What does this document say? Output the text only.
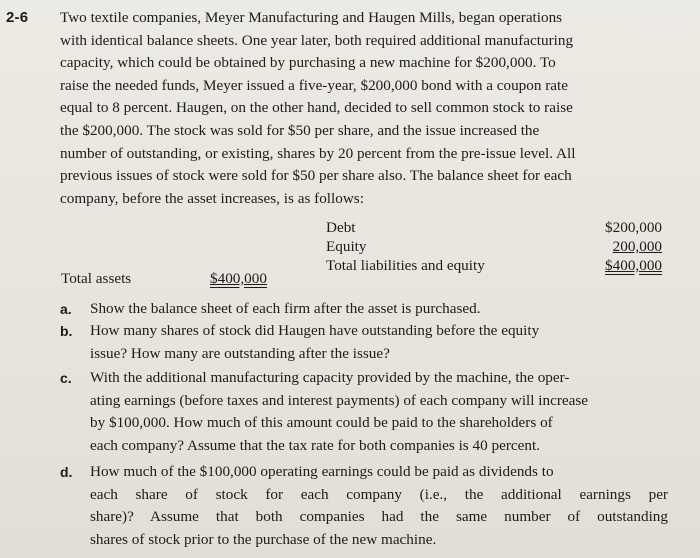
2-6 Two textile companies, Meyer Manufacturing and Haugen Mills, began operations
with identical balance sheets. One year later, both required additional manufacturing
capacity, which could be obtained by purchasing a new machine for $200,000. To
raise the needed funds, Meyer issued a five-year, $200,000 bond with a coupon rate
equal to 8 percent. Haugen, on the other hand, decided to sell common stock to raise
the $200,000. The stock was sold for $50 per share, and the issue increased the
number of outstanding, or existing, shares by 20 percent from the pre-issue level. All
previous issues of stock were sold for $50 per share also. The balance sheet for each
company, before the asset increases, is as follows:
Debt
Equity
Total liabilities and equity
$200,000
200,000
$400,000
Total assets	$400,000
a. Show the balance sheet of each firm after the asset is purchased.
b. How many shares of stock did Haugen have outstanding before the equity
issue? How many are outstanding after the issue?
c. With the additional manufacturing capacity provided by the machine, the oper-
ating earnings (before taxes and interest payments) of each company will increase
by $100,000. How much of this amount could be paid to the shareholders of
each company? Assume that the tax rate for both companies is 40 percent.
d. How much of the $100,000 operating earnings could be paid as dividends to
each share of stock for each company (i.e., the additional earnings per
share)? Assume that both companies had the same number of outstanding
shares of stock prior to the purchase of the new machine.
